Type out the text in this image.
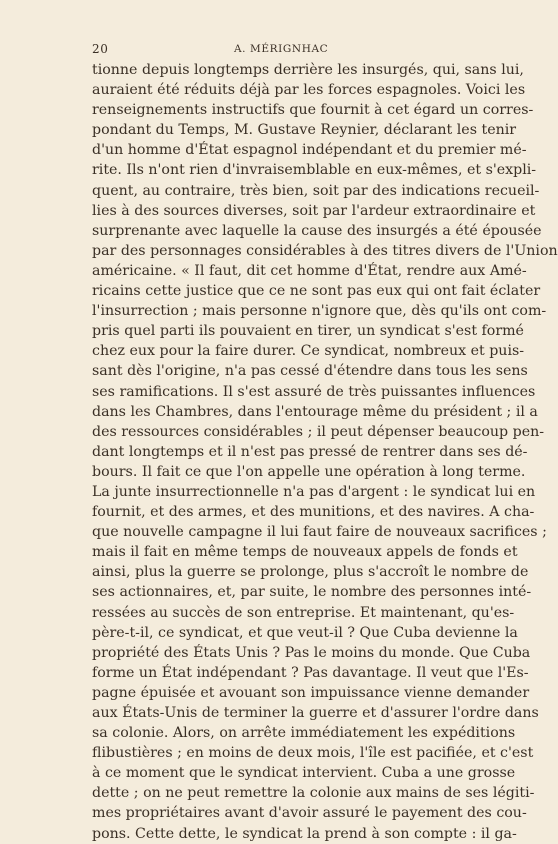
20	A. MÉRIGNHAC
tionne depuis longtemps derrière les insurgés, qui, sans lui,
auraient été réduits déjà par les forces espagnoles. Voici les
renseignements instructifs que fournit à cet égard un corres-
pondant du Temps, M. Gustave Reynier, déclarant les tenir
d'un homme d'État espagnol indépendant et du premier mé-
rite. Ils n'ont rien d'invraisemblable en eux-mêmes, et s'expli-
quent, au contraire, très bien, soit par des indications recueil-
lies à des sources diverses, soit par l'ardeur extraordinaire et
surprenante avec laquelle la cause des insurgés a été épousée
par des personnages considérables à des titres divers de l'Union
américaine. « Il faut, dit cet homme d'État, rendre aux Amé-
ricains cette justice que ce ne sont pas eux qui ont fait éclater
l'insurrection ; mais personne n'ignore que, dès qu'ils ont com-
pris quel parti ils pouvaient en tirer, un syndicat s'est formé
chez eux pour la faire durer. Ce syndicat, nombreux et puis-
sant dès l'origine, n'a pas cessé d'étendre dans tous les sens
ses ramifications. Il s'est assuré de très puissantes influences
dans les Chambres, dans l'entourage même du président ; il a
des ressources considérables ; il peut dépenser beaucoup pen-
dant longtemps et il n'est pas pressé de rentrer dans ses dé-
bours. Il fait ce que l'on appelle une opération à long terme.
La junte insurrectionnelle n'a pas d'argent : le syndicat lui en
fournit, et des armes, et des munitions, et des navires. A cha-
que nouvelle campagne il lui faut faire de nouveaux sacrifices ;
mais il fait en même temps de nouveaux appels de fonds et
ainsi, plus la guerre se prolonge, plus s'accroît le nombre de
ses actionnaires, et, par suite, le nombre des personnes inté-
ressées au succès de son entreprise. Et maintenant, qu'es-
père-t-il, ce syndicat, et que veut-il ? Que Cuba devienne la
propriété des États Unis ? Pas le moins du monde. Que Cuba
forme un État indépendant ? Pas davantage. Il veut que l'Es-
pagne épuisée et avouant son impuissance vienne demander
aux États-Unis de terminer la guerre et d'assurer l'ordre dans
sa colonie. Alors, on arrête immédiatement les expéditions
flibustières ; en moins de deux mois, l'île est pacifiée, et c'est
à ce moment que le syndicat intervient. Cuba a une grosse
dette ; on ne peut remettre la colonie aux mains de ses légiti-
mes propriétaires avant d'avoir assuré le payement des cou-
pons. Cette dette, le syndicat la prend à son compte : il ga-
